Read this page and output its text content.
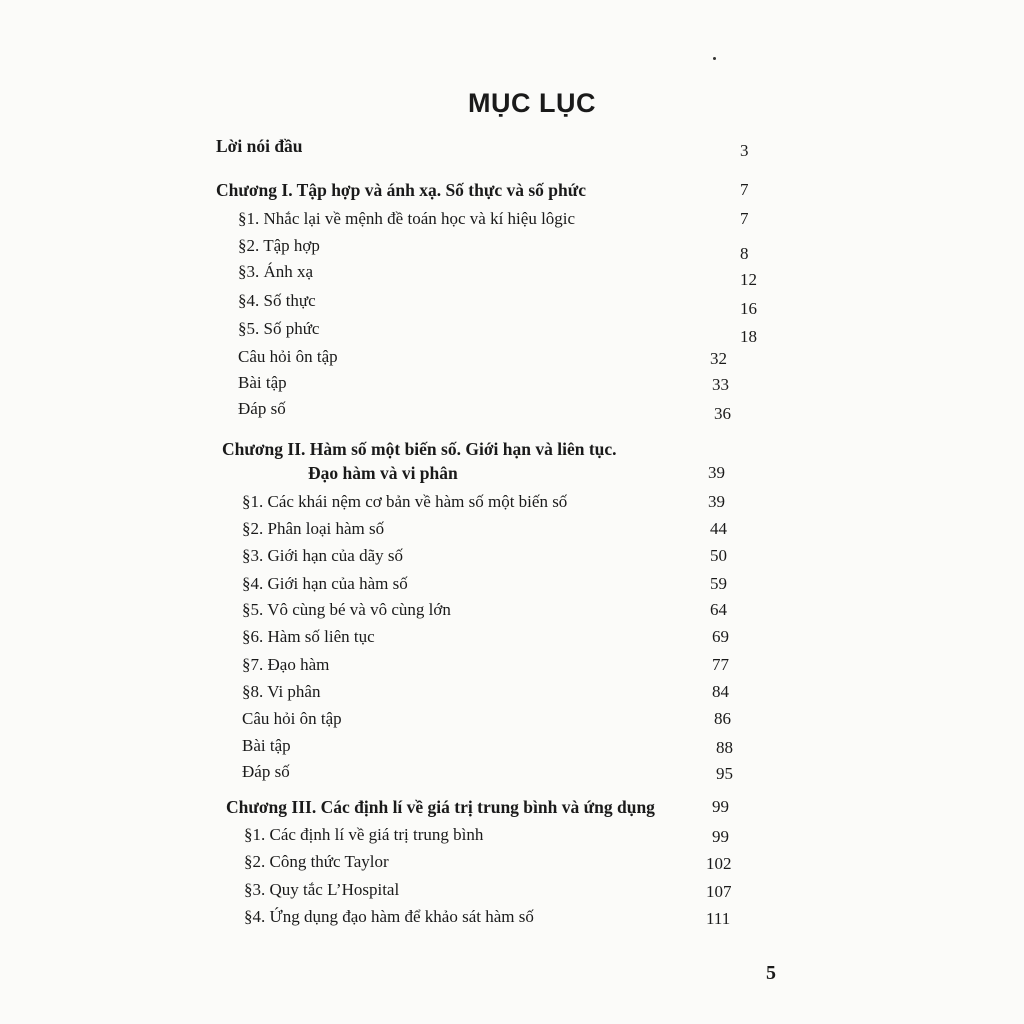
MỤC LỤC
Lời nói đầu	3
Chương I. Tập hợp và ánh xạ. Số thực và số phức	7
§1. Nhắc lại về mệnh đề toán học và kí hiệu lôgic	7
§2. Tập hợp	8
§3. Ánh xạ	12
§4. Số thực	16
§5. Số phức	18
Câu hỏi ôn tập	32
Bài tập	33
Đáp số	36
Chương II. Hàm số một biến số. Giới hạn và liên tục.
Đạo hàm và vi phân	39
§1. Các khái nệm cơ bản về hàm số một biến số	39
§2. Phân loại hàm số	44
§3. Giới hạn của dãy số	50
§4. Giới hạn của hàm số	59
§5. Vô cùng bé và vô cùng lớn	64
§6. Hàm số liên tục	69
§7. Đạo hàm	77
§8. Vi phân	84
Câu hỏi ôn tập	86
Bài tập	88
Đáp số	95
Chương III. Các định lí về giá trị trung bình và ứng dụng	99
§1. Các định lí về giá trị trung bình	99
§2. Công thức Taylor	102
§3. Quy tắc L’Hospital	107
§4. Ứng dụng đạo hàm để khảo sát hàm số	111
5
